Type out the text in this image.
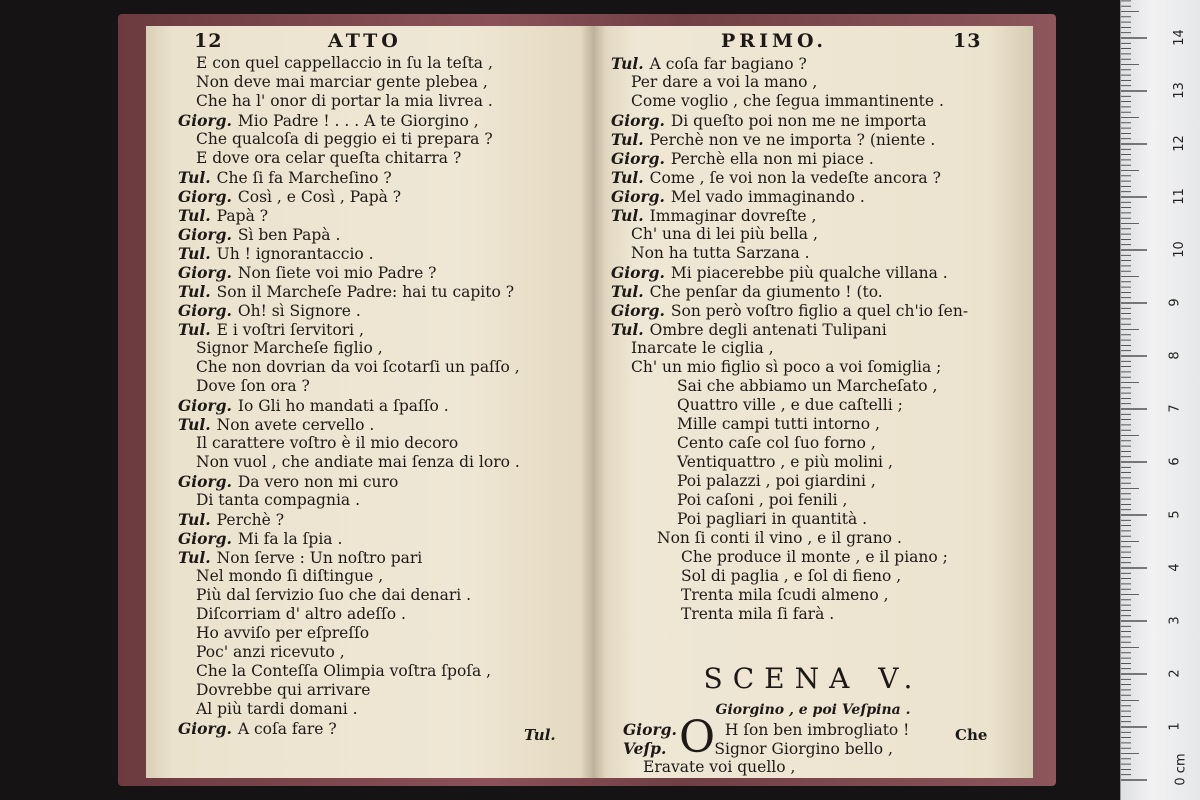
12	ATTO
E con quel cappellaccio in ſu la teſta ,
Non deve mai marciar gente plebea ,
Che ha l' onor di portar la mia livrea .
Giorg. Mio Padre ! . . . A te Giorgino ,
Che qualcoſa di peggio ei ti prepara ?
E dove ora celar queſta chitarra ?
Tul. Che ſi fa Marcheſino ?
Giorg. Così , e Così , Papà ?
Tul. Papà ?
Giorg. Sì ben Papà .
Tul. Uh ! ignorantaccio .
Giorg. Non ſiete voi mio Padre ?
Tul. Son il Marcheſe Padre: hai tu capito ?
Giorg. Oh! sì Signore .
Tul. E i voſtri ſervitori ,
Signor Marcheſe figlio ,
Che non dovrian da voi ſcotarſi un paſſo ,
Dove ſon ora ?
Giorg. Io Gli ho mandati a ſpaſſo .
Tul. Non avete cervello .
Il carattere voſtro è il mio decoro
Non vuol , che andiate mai ſenza di loro .
Giorg. Da vero non mi curo
Di tanta compagnia .
Tul. Perchè ?
Giorg. Mi fa la ſpia .
Tul. Non ſerve : Un noſtro pari
Nel mondo ſi diſtingue ,
Più dal ſervizio ſuo che dai denari .
Diſcorriam d' altro adeſſo .
Ho avviſo per eſpreſſo
Poc' anzi ricevuto ,
Che la Conteſſa Olimpia voſtra ſpoſa ,
Dovrebbe qui arrivare
Al più tardi domani .
Giorg. A coſa fare ?	Tul.
PRIMO.	13
Tul. A coſa far bagiano ?
Per dare a voi la mano ,
Come voglio , che ſegua immantinente .
Giorg. Di queſto poi non me ne importa
Tul. Perchè non ve ne importa ? (niente .
Giorg. Perchè ella non mi piace .
Tul. Come , ſe voi non la vedeſte ancora ?
Giorg. Mel vado immaginando .
Tul. Immaginar dovreſte ,
Ch' una di lei più bella ,
Non ha tutta Sarzana .
Giorg. Mi piacerebbe più qualche villana .
Tul. Che penſar da giumento ! (to.
Giorg. Son però voſtro figlio a quel ch'io ſen-
Tul. Ombre degli antenati Tulipani
Inarcate le ciglia ,
Ch' un mio figlio sì poco a voi ſomiglia ;
Sai che abbiamo un Marcheſato ,
Quattro ville , e due caſtelli ;
Mille campi tutti intorno ,
Cento caſe col ſuo forno ,
Ventiquattro , e più molini ,
Poi palazzi , poi giardini ,
Poi caſoni , poi fenili ,
Poi pagliari in quantità .
Non ſi conti il vino , e il grano .
Che produce il monte , e il piano ;
Sol di paglia , e ſol di fieno ,
Trenta mila ſcudi almeno ,
Trenta mila ſi farà .
SCENA V.
Giorgino , e poi Veſpina .
O
Giorg.	H ſon ben imbrogliato !
Veſp.	Signor Giorgino bello ,
Eravate voi quello ,
Che	1
2
3
4
5
6
7
8
9
10
11
12
13
14
0 cm
